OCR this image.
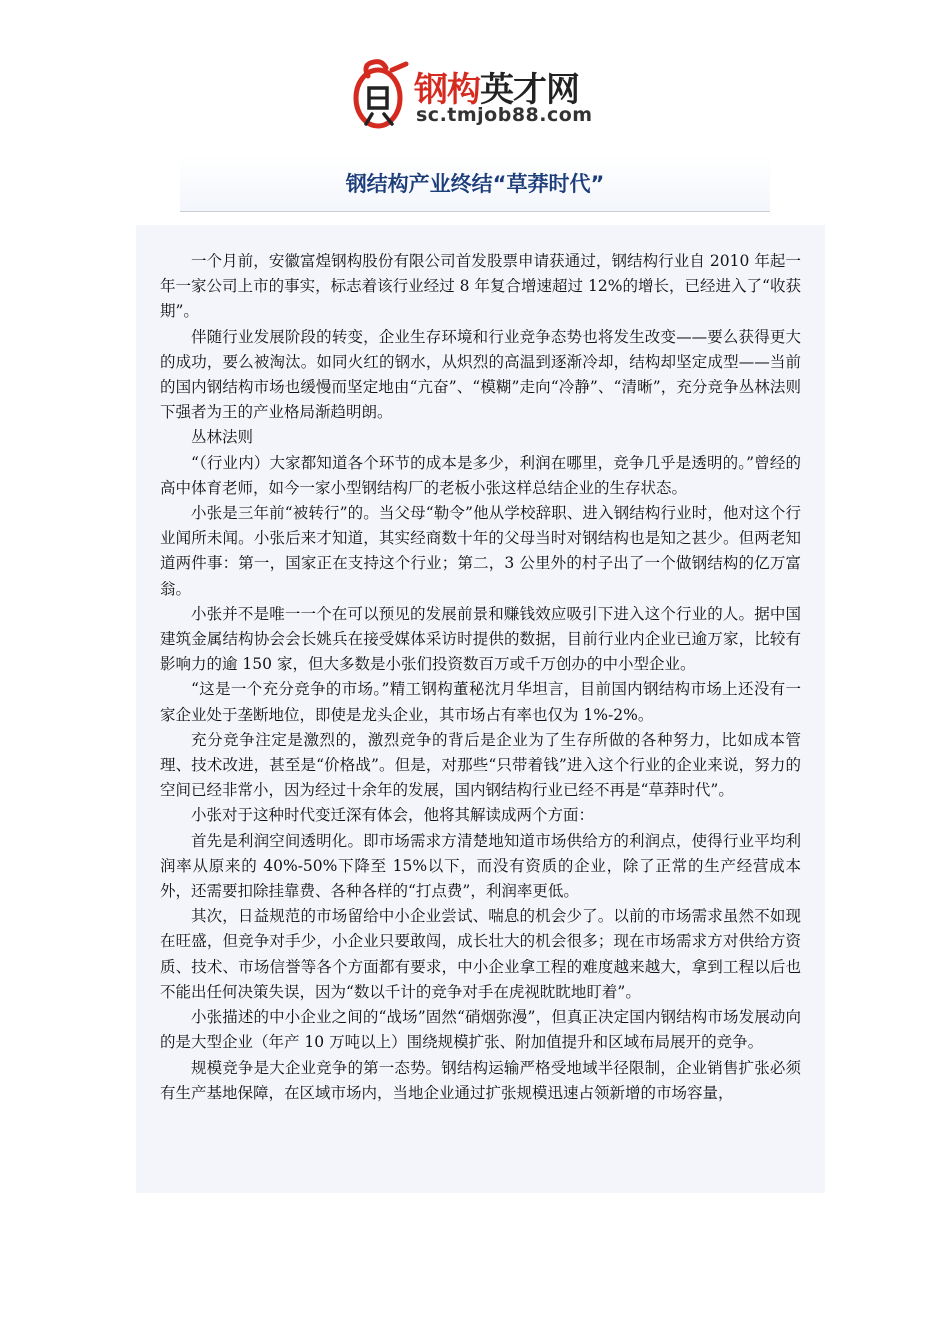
钢构英才网
sc.tmjob88.com
钢结构产业终结“草莽时代”

一个月前，安徽富煌钢构股份有限公司首发股票申请获通过，钢结构行业自 2010 年起一年一家公司上市的事实，标志着该行业经过 8 年复合增速超过 12%的增长，已经进入了“收获期”。

伴随行业发展阶段的转变，企业生存环境和行业竞争态势也将发生改变——要么获得更大的成功，要么被淘汰。如同火红的钢水，从炽烈的高温到逐渐冷却，结构却坚定成型——当前的国内钢结构市场也缓慢而坚定地由“亢奋”、“模糊”走向“冷静”、“清晰”，充分竞争丛林法则下强者为王的产业格局渐趋明朗。

丛林法则

“（行业内）大家都知道各个环节的成本是多少，利润在哪里，竞争几乎是透明的。”曾经的高中体育老师，如今一家小型钢结构厂的老板小张这样总结企业的生存状态。

小张是三年前“被转行”的。当父母“勒令”他从学校辞职、进入钢结构行业时，他对这个行业闻所未闻。小张后来才知道，其实经商数十年的父母当时对钢结构也是知之甚少。但两老知道两件事：第一，国家正在支持这个行业；第二，3 公里外的村子出了一个做钢结构的亿万富翁。

小张并不是唯一一个在可以预见的发展前景和赚钱效应吸引下进入这个行业的人。据中国建筑金属结构协会会长姚兵在接受媒体采访时提供的数据，目前行业内企业已逾万家，比较有影响力的逾 150 家，但大多数是小张们投资数百万或千万创办的中小型企业。

“这是一个充分竞争的市场。”精工钢构董秘沈月华坦言，目前国内钢结构市场上还没有一家企业处于垄断地位，即使是龙头企业，其市场占有率也仅为 1%-2%。

充分竞争注定是激烈的，激烈竞争的背后是企业为了生存所做的各种努力，比如成本管理、技术改进，甚至是“价格战”。但是，对那些“只带着钱”进入这个行业的企业来说，努力的空间已经非常小，因为经过十余年的发展，国内钢结构行业已经不再是“草莽时代”。

小张对于这种时代变迁深有体会，他将其解读成两个方面：

首先是利润空间透明化。即市场需求方清楚地知道市场供给方的利润点，使得行业平均利润率从原来的 40%-50%下降至 15%以下，而没有资质的企业，除了正常的生产经营成本外，还需要扣除挂靠费、各种各样的“打点费”，利润率更低。

其次，日益规范的市场留给中小企业尝试、喘息的机会少了。以前的市场需求虽然不如现在旺盛，但竞争对手少，小企业只要敢闯，成长壮大的机会很多；现在市场需求方对供给方资质、技术、市场信誉等各个方面都有要求，中小企业拿工程的难度越来越大，拿到工程以后也不能出任何决策失误，因为“数以千计的竞争对手在虎视眈眈地盯着”。

小张描述的中小企业之间的“战场”固然“硝烟弥漫”，但真正决定国内钢结构市场发展动向的是大型企业（年产 10 万吨以上）围绕规模扩张、附加值提升和区域布局展开的竞争。

规模竞争是大企业竞争的第一态势。钢结构运输严格受地域半径限制，企业销售扩张必须有生产基地保障，在区域市场内，当地企业通过扩张规模迅速占领新增的市场容量，
